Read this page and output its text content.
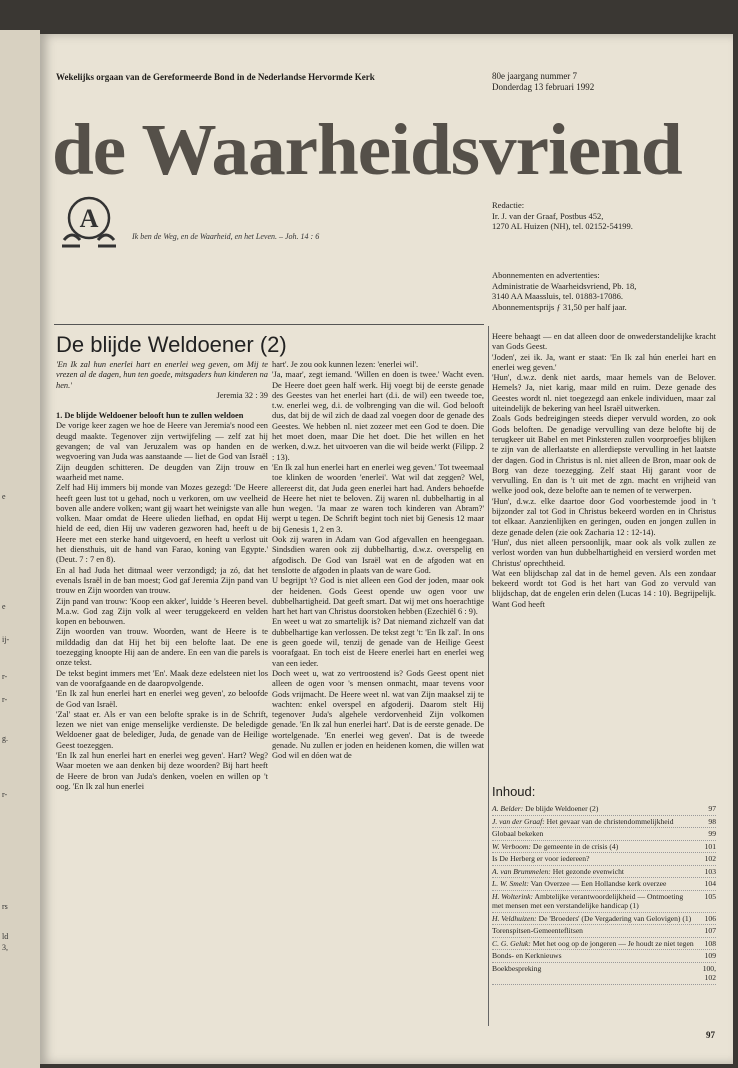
e
e
ij-
r-
r-
g.
r-
rs
ld
3,
Wekelijks orgaan van de Gereformeerde Bond in de Nederlandse Hervormde Kerk	80e jaargang nummer 7
Donderdag 13 februari 1992
de Waarheidsvriend
A
Ik ben de Weg, en de Waarheid, en het Leven. – Joh. 14 : 6
Redactie:
Ir. J. van der Graaf, Postbus 452,
1270 AL Huizen (NH), tel. 02152-54199.
Abonnementen en advertenties:
Administratie de Waarheidsvriend, Pb. 18,
3140 AA Maassluis, tel. 01883-17086.
Abonnementsprijs ƒ 31,50 per half jaar.
De blijde Weldoener (2)

'En Ik zal hun enerlei hart en enerlei weg geven, om Mij te vrezen al de dagen, hun ten goede, mitsgaders hun kinderen na hen.'

Jeremia 32 : 39

1. De blijde Weldoener belooft hun te zullen weldoen

De vorige keer zagen we hoe de Heere van Jeremia's nood een deugd maakte. Tegenover zijn vertwijfeling — zelf zat hij gevangen; de val van Jeruzalem was op handen en de wegvoering van Juda was aanstaande — liet de God van Israël Zijn deugden schitteren. De deugden van Zijn trouw en waarheid met name.

Zelf had Hij immers bij monde van Mozes gezegd: 'De Heere heeft geen lust tot u gehad, noch u verkoren, om uw veelheid boven alle andere volken; want gij waart het weinigste van alle volken. Maar omdat de Heere ulieden liefhad, en opdat Hij hield de eed, dien Hij uw vaderen gezworen had, heeft u de Heere met een sterke hand uitgevoerd, en heeft u verlost uit het diensthuis, uit de hand van Farao, koning van Egypte.' (Deut. 7 : 7 en 8).

En al had Juda het ditmaal weer verzondigd; ja zó, dat het evenals Israël in de ban moest; God gaf Jeremia Zijn pand van trouw en Zijn woorden van trouw.

Zijn pand van trouw: 'Koop een akker', luidde 's Heeren bevel. M.a.w. God zag Zijn volk al weer teruggekeerd en velden kopen en bebouwen.

Zijn woorden van trouw. Woorden, want de Heere is te milddadig dan dat Hij het bij een belofte laat. De ene toezegging knoopte Hij aan de andere. En een van die parels is onze tekst.

De tekst begint immers met 'En'. Maak deze edelsteen niet los van de voorafgaande en de daaropvolgende.

'En Ik zal hun enerlei hart en enerlei weg geven', zo beloofde de God van Israël.

'Zal' staat er. Als er van een belofte sprake is in de Schrift, lezen we niet van enige menselijke verdienste. De beledigde Weldoener gaat de belediger, Juda, de genade van de Heilige Geest toezeggen.

'En Ik zal hun enerlei hart en enerlei weg geven'. Hart? Weg? Waar moeten we aan denken bij deze woorden? Bij hart heeft de Heere de bron van Juda's denken, voelen en willen op 't oog. 'En Ik zal hun enerlei

hart'. Je zou ook kunnen lezen: 'enerlei wil'.

'Ja, maar', zegt iemand. 'Willen en doen is twee.' Wacht even. De Heere doet geen half werk. Hij voegt bij de eerste genade des Geestes van het enerlei hart (d.i. de wil) een tweede toe, t.w. enerlei weg, d.i. de volbrenging van die wil. God belooft dus, dat bij de wil zich de daad zal voegen door de genade des Geestes. We hebben nl. niet zozeer met een God te doen. Die het moet doen, maar Die het doet. Die het willen en het werken, d.w.z. het uitvoeren van die wil beide werkt (Filipp. 2 : 13).

'En Ik zal hun enerlei hart en enerlei weg geven.' Tot tweemaal toe klinken de woorden 'enerlei'. Wat wil dat zeggen? Wel, allereerst dit, dat Juda geen enerlei hart had. Anders behoefde de Heere het niet te beloven. Zij waren nl. dubbelhartig in al hun wegen. 'Ja maar ze waren toch kinderen van Abram?' werpt u tegen. De Schrift begint toch niet bij Genesis 12 maar bij Genesis 1, 2 en 3.

Ook zij waren in Adam van God afgevallen en heengegaan. Sindsdien waren ook zij dubbelhartig, d.w.z. overspelig en afgodisch. De God van Israël wat en de afgoden wat en tenslotte de afgoden in plaats van de ware God.

U begrijpt 't? God is niet alleen een God der joden, maar ook der heidenen. Gods Geest opende uw ogen voor uw dubbelhartigheid. Dat geeft smart. Dat wij met ons hoerachtige hart het hart van Christus doorstoken hebben (Ezechiël 6 : 9).

En weet u wat zo smartelijk is? Dat niemand zichzelf van dat dubbelhartige kan verlossen. De tekst zegt 't: 'En Ik zal'. In ons is geen goede wil, tenzij de genade van de Heilige Geest voorafgaat. En toch eist de Heere enerlei hart en enerlei weg van een ieder.

Doch weet u, wat zo vertroostend is? Gods Geest opent niet alleen de ogen voor 's mensen onmacht, maar tevens voor Gods vrijmacht. De Heere weet nl. wat van Zijn maaksel zij te wachten: enkel overspel en afgoderij. Daarom stelt Hij tegenover Juda's algehele verdorvenheid Zijn volkomen genade. 'En Ik zal hun enerlei hart'. Dat is de eerste genade. De wortelgenade. 'En enerlei weg geven'. Dat is de tweede genade. Nu zullen er joden en heidenen komen, die willen wat God wil en dóen wat de

Heere behaagt — en dat alleen door de onwederstandelijke kracht van Gods Geest.

'Joden', zei ik. Ja, want er staat: 'En Ik zal hún enerlei hart en enerlei weg geven.'

'Hun', d.w.z. denk niet aards, maar hemels van de Belover. Hemels? Ja, niet karig, maar mild en ruim. Deze genade des Geestes wordt nl. niet toegezegd aan enkele individuen, maar zal uiteindelijk de bekering van heel Israël uitwerken.

Zoals Gods bedreigingen steeds dieper vervuld worden, zo ook Gods beloften. De genadige vervulling van deze belofte bij de terugkeer uit Babel en met Pinksteren zullen voorproefjes blijken te zijn van de allerlaatste en allerdiepste vervulling in het laatste der dagen. God in Christus is nl. niet alleen de Bron, maar ook de Borg van deze toezegging. Zelf staat Hij garant voor de vervulling. En dan is 't uit met de zgn. macht en vrijheid van welke jood ook, deze belofte aan te nemen of te verwerpen.

'Hun', d.w.z. elke daartoe door God voorbestemde jood in 't bijzonder zal tot God in Christus bekeerd worden en in Christus tot elkaar. Aanzienlijken en geringen, ouden en jongen zullen in deze genade delen (zie ook Zacharia 12 : 12-14).

'Hun', dus niet alleen persoonlijk, maar ook als volk zullen ze verlost worden van hun dubbelhartigheid en versierd worden met Christus' oprechtheid.

Wat een blijdschap zal dat in de hemel geven. Als een zondaar bekeerd wordt tot God is het hart van God zo vervuld van blijdschap, dat de engelen erin delen (Lucas 14 : 10). Begrijpelijk. Want God heeft

Inhoud:
A. Belder: De blijde Weldoener (2)	97
J. van der Graaf: Het gevaar van de christendommelijkheid	98
Globaal bekeken	99
W. Verboom: De gemeente in de crisis (4)	101
Is De Herberg er voor iedereen?	102
A. van Brummelen: Het gezonde evenwicht	103
L. W. Smelt: Van Overzee — Een Hollandse kerk overzee	104
H. Wolterink: Ambtelijke verantwoordelijkheid — Ontmoeting met mensen met een verstandelijke handicap (1)
105
H. Veldhuizen: De 'Broeders' (De Vergadering van Gelovigen) (1)	106
Torenspitsen-Gemeenteflitsen	107
C. G. Geluk: Met het oog op de jongeren — Je houdt ze niet tegen	108
Bonds- en Kerknieuws	109
Boekbespreking	100, 102
97
